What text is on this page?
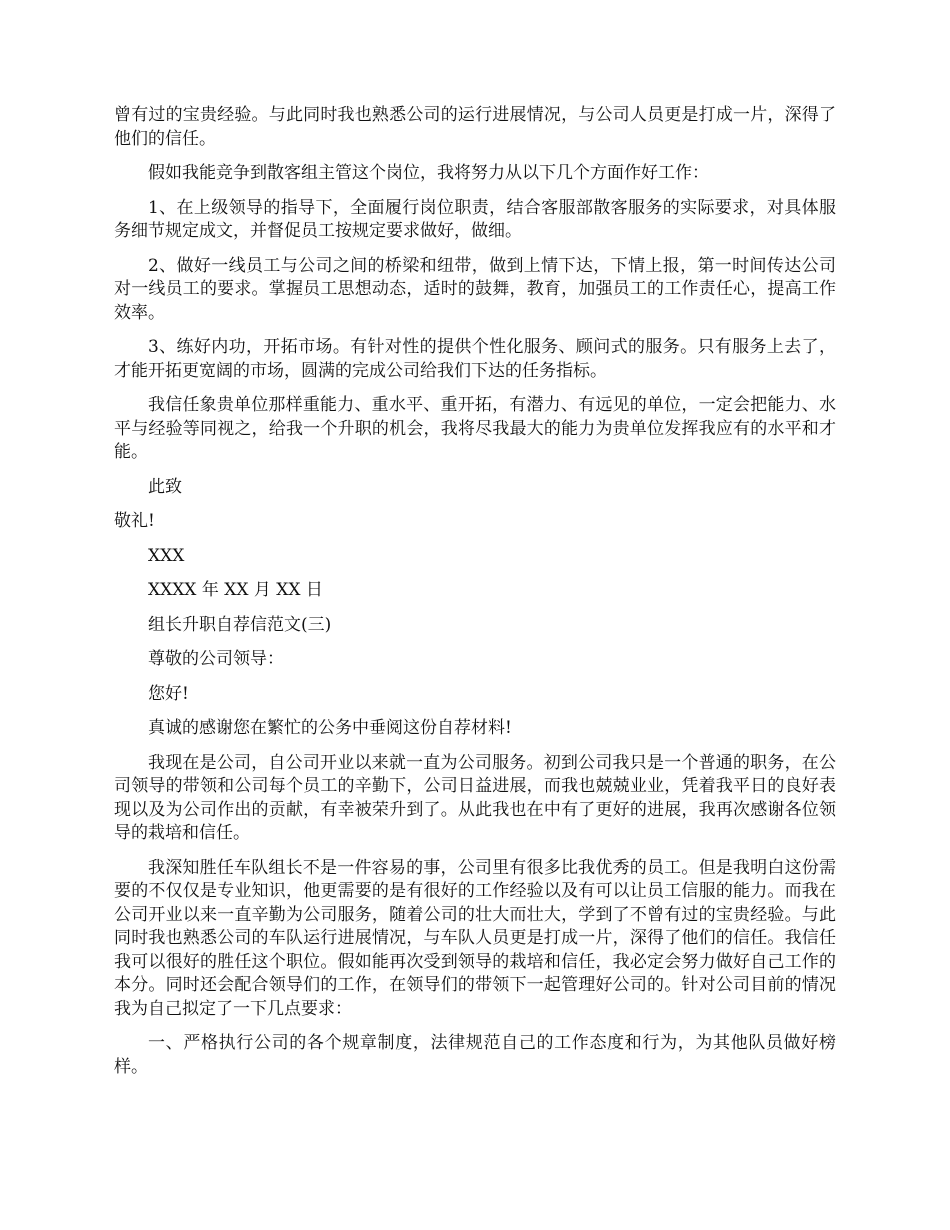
曾有过的宝贵经验。与此同时我也熟悉公司的运行进展情况，与公司人员更是打成一片，深得了他们的信任。

假如我能竞争到散客组主管这个岗位，我将努力从以下几个方面作好工作：

1、在上级领导的指导下，全面履行岗位职责，结合客服部散客服务的实际要求，对具体服务细节规定成文，并督促员工按规定要求做好，做细。

2、做好一线员工与公司之间的桥梁和纽带，做到上情下达，下情上报，第一时间传达公司对一线员工的要求。掌握员工思想动态，适时的鼓舞，教育，加强员工的工作责任心，提高工作效率。

3、练好内功，开拓市场。有针对性的提供个性化服务、顾问式的服务。只有服务上去了，才能开拓更宽阔的市场，圆满的完成公司给我们下达的任务指标。

我信任象贵单位那样重能力、重水平、重开拓，有潜力、有远见的单位，一定会把能力、水平与经验等同视之，给我一个升职的机会，我将尽我最大的能力为贵单位发挥我应有的水平和才能。

此致

敬礼!

XXX

XXXX 年 XX 月 XX 日

组长升职自荐信范文(三)

尊敬的公司领导：

您好!

真诚的感谢您在繁忙的公务中垂阅这份自荐材料!

我现在是公司，自公司开业以来就一直为公司服务。初到公司我只是一个普通的职务，在公司领导的带领和公司每个员工的辛勤下，公司日益进展，而我也兢兢业业，凭着我平日的良好表现以及为公司作出的贡献，有幸被荣升到了。从此我也在中有了更好的进展，我再次感谢各位领导的栽培和信任。

我深知胜任车队组长不是一件容易的事，公司里有很多比我优秀的员工。但是我明白这份需要的不仅仅是专业知识，他更需要的是有很好的工作经验以及有可以让员工信服的能力。而我在公司开业以来一直辛勤为公司服务，随着公司的壮大而壮大，学到了不曾有过的宝贵经验。与此同时我也熟悉公司的车队运行进展情况，与车队人员更是打成一片，深得了他们的信任。我信任我可以很好的胜任这个职位。假如能再次受到领导的栽培和信任，我必定会努力做好自己工作的本分。同时还会配合领导们的工作，在领导们的带领下一起管理好公司的。针对公司目前的情况我为自己拟定了一下几点要求：

一、严格执行公司的各个规章制度，法律规范自己的工作态度和行为，为其他队员做好榜样。
